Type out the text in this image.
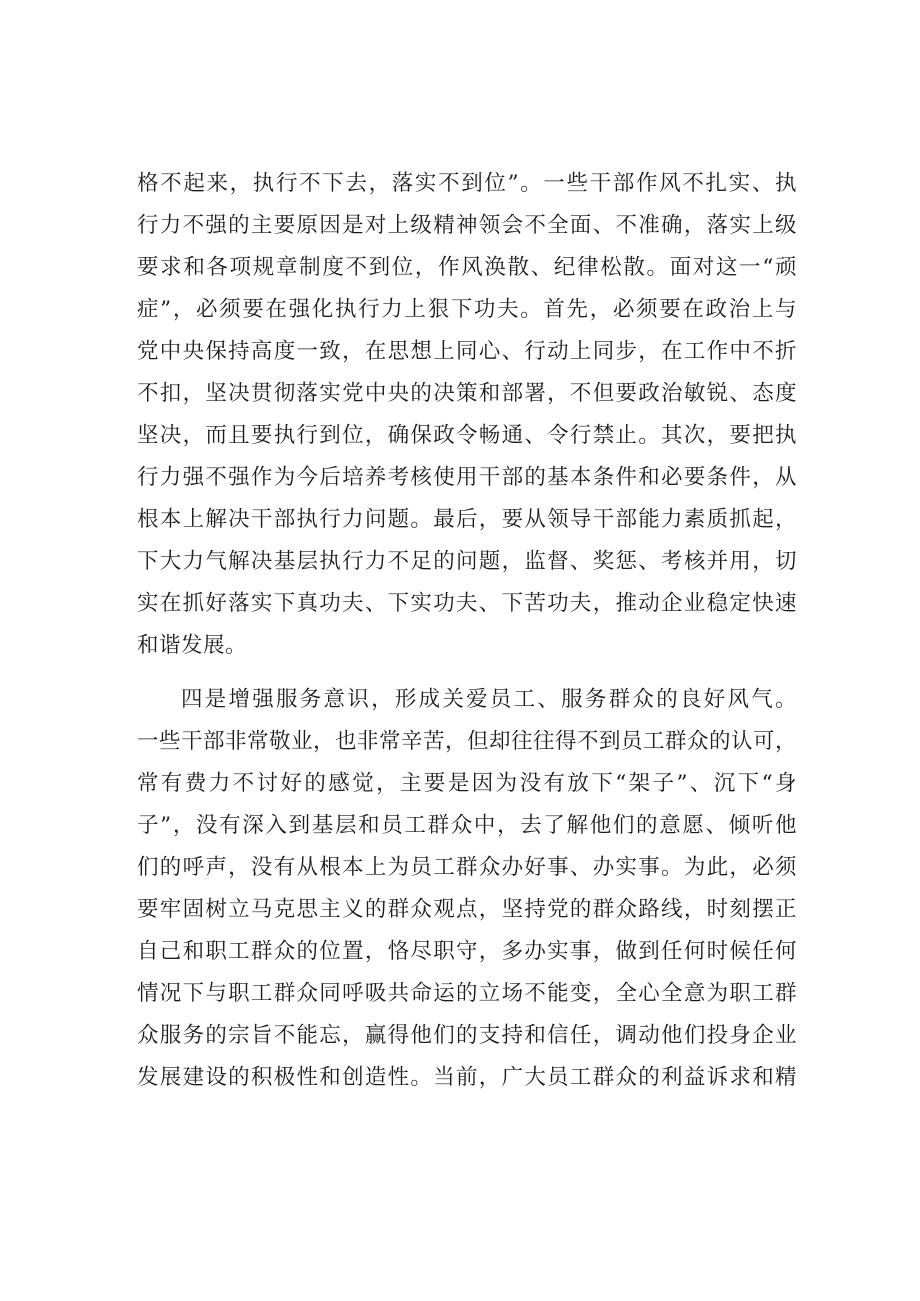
格不起来，执行不下去，落实不到位”。一些干部作风不扎实、执
行力不强的主要原因是对上级精神领会不全面、不准确，落实上级
要求和各项规章制度不到位，作风涣散、纪律松散。面对这一“顽
症”，必须要在强化执行力上狠下功夫。首先，必须要在政治上与
党中央保持高度一致，在思想上同心、行动上同步，在工作中不折
不扣，坚决贯彻落实党中央的决策和部署，不但要政治敏锐、态度
坚决，而且要执行到位，确保政令畅通、令行禁止。其次，要把执
行力强不强作为今后培养考核使用干部的基本条件和必要条件，从
根本上解决干部执行力问题。最后，要从领导干部能力素质抓起，
下大力气解决基层执行力不足的问题，监督、奖惩、考核并用，切
实在抓好落实下真功夫、下实功夫、下苦功夫，推动企业稳定快速
和谐发展。
四是增强服务意识，形成关爱员工、服务群众的良好风气。
一些干部非常敬业，也非常辛苦，但却往往得不到员工群众的认可，
常有费力不讨好的感觉，主要是因为没有放下“架子”、沉下“身
子”，没有深入到基层和员工群众中，去了解他们的意愿、倾听他
们的呼声，没有从根本上为员工群众办好事、办实事。为此，必须
要牢固树立马克思主义的群众观点，坚持党的群众路线，时刻摆正
自己和职工群众的位置，恪尽职守，多办实事，做到任何时候任何
情况下与职工群众同呼吸共命运的立场不能变，全心全意为职工群
众服务的宗旨不能忘，赢得他们的支持和信任，调动他们投身企业
发展建设的积极性和创造性。当前，广大员工群众的利益诉求和精
